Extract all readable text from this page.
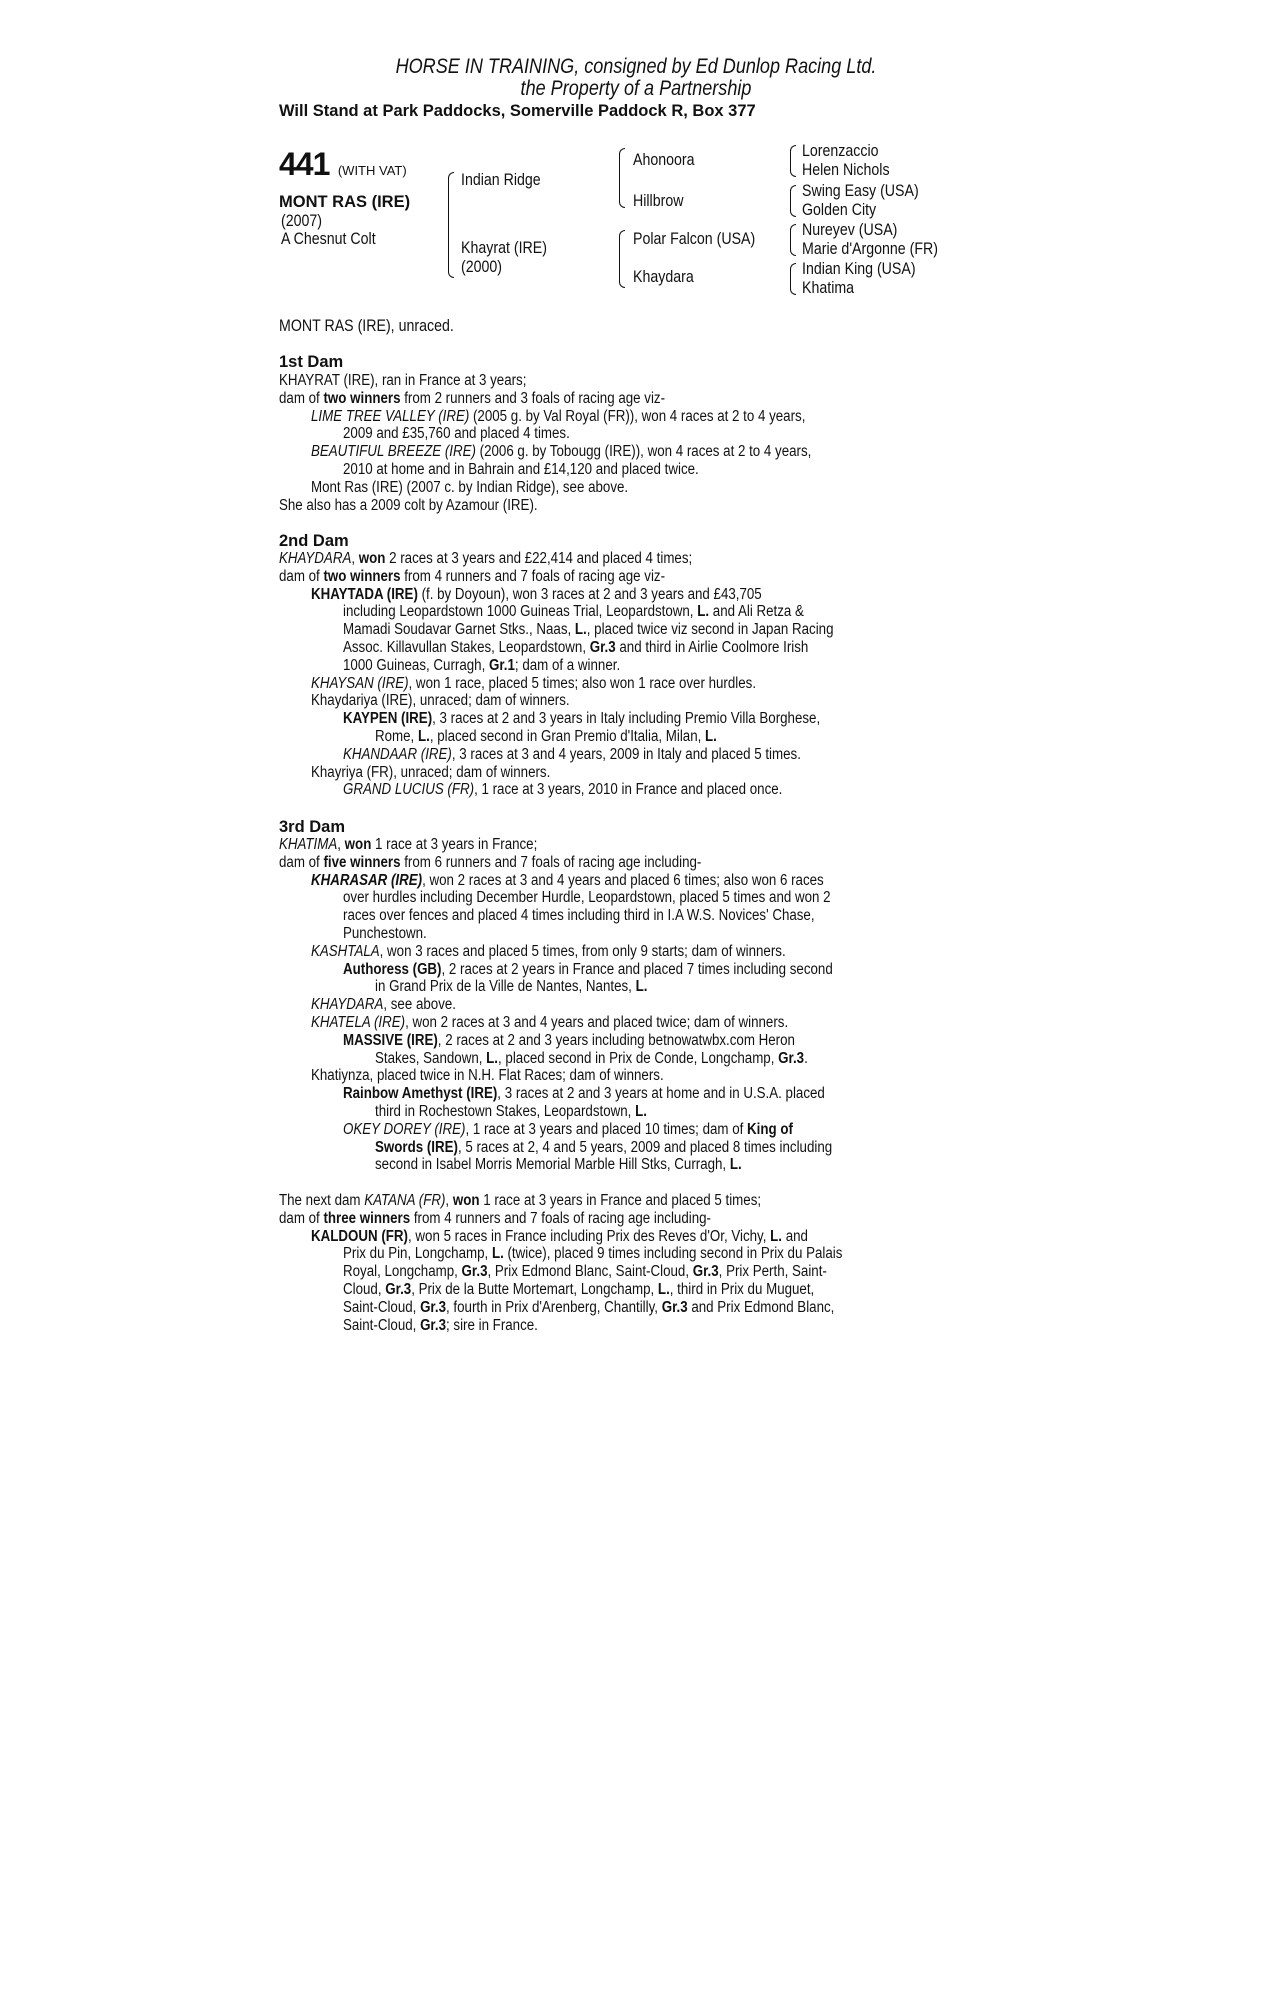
HORSE IN TRAINING, consigned by Ed Dunlop Racing Ltd.
the Property of a Partnership
Will Stand at Park Paddocks, Somerville Paddock R, Box 377
441 (WITH VAT)
MONT RAS (IRE)
(2007)
A Chesnut Colt
Indian Ridge
Khayrat (IRE)
(2000)
Ahonoora
Hillbrow
Polar Falcon (USA)
Khaydara
Lorenzaccio
Helen Nichols
Swing Easy (USA)
Golden City
Nureyev (USA)
Marie d'Argonne (FR)
Indian King (USA)
Khatima
MONT RAS (IRE), unraced.
1st Dam
KHAYRAT (IRE), ran in France at 3 years;
dam of two winners from 2 runners and 3 foals of racing age viz-
LIME TREE VALLEY (IRE) (2005 g. by Val Royal (FR)), won 4 races at 2 to 4 years,
2009 and £35,760 and placed 4 times.
BEAUTIFUL BREEZE (IRE) (2006 g. by Tobougg (IRE)), won 4 races at 2 to 4 years,
2010 at home and in Bahrain and £14,120 and placed twice.
Mont Ras (IRE) (2007 c. by Indian Ridge), see above.
She also has a 2009 colt by Azamour (IRE).
2nd Dam
KHAYDARA, won 2 races at 3 years and £22,414 and placed 4 times;
dam of two winners from 4 runners and 7 foals of racing age viz-
KHAYTADA (IRE) (f. by Doyoun), won 3 races at 2 and 3 years and £43,705
including Leopardstown 1000 Guineas Trial, Leopardstown, L. and Ali Retza &
Mamadi Soudavar Garnet Stks., Naas, L., placed twice viz second in Japan Racing
Assoc. Killavullan Stakes, Leopardstown, Gr.3 and third in Airlie Coolmore Irish
1000 Guineas, Curragh, Gr.1; dam of a winner.
KHAYSAN (IRE), won 1 race, placed 5 times; also won 1 race over hurdles.
Khaydariya (IRE), unraced; dam of winners.
KAYPEN (IRE), 3 races at 2 and 3 years in Italy including Premio Villa Borghese,
Rome, L., placed second in Gran Premio d'Italia, Milan, L.
KHANDAAR (IRE), 3 races at 3 and 4 years, 2009 in Italy and placed 5 times.
Khayriya (FR), unraced; dam of winners.
GRAND LUCIUS (FR), 1 race at 3 years, 2010 in France and placed once.
3rd Dam
KHATIMA, won 1 race at 3 years in France;
dam of five winners from 6 runners and 7 foals of racing age including-
KHARASAR (IRE), won 2 races at 3 and 4 years and placed 6 times; also won 6 races
over hurdles including December Hurdle, Leopardstown, placed 5 times and won 2
races over fences and placed 4 times including third in I.A W.S. Novices' Chase,
Punchestown.
KASHTALA, won 3 races and placed 5 times, from only 9 starts; dam of winners.
Authoress (GB), 2 races at 2 years in France and placed 7 times including second
in Grand Prix de la Ville de Nantes, Nantes, L.
KHAYDARA, see above.
KHATELA (IRE), won 2 races at 3 and 4 years and placed twice; dam of winners.
MASSIVE (IRE), 2 races at 2 and 3 years including betnowatwbx.com Heron
Stakes, Sandown, L., placed second in Prix de Conde, Longchamp, Gr.3.
Khatiynza, placed twice in N.H. Flat Races; dam of winners.
Rainbow Amethyst (IRE), 3 races at 2 and 3 years at home and in U.S.A. placed
third in Rochestown Stakes, Leopardstown, L.
OKEY DOREY (IRE), 1 race at 3 years and placed 10 times; dam of King of
Swords (IRE), 5 races at 2, 4 and 5 years, 2009 and placed 8 times including
second in Isabel Morris Memorial Marble Hill Stks, Curragh, L.
The next dam KATANA (FR), won 1 race at 3 years in France and placed 5 times;
dam of three winners from 4 runners and 7 foals of racing age including-
KALDOUN (FR), won 5 races in France including Prix des Reves d'Or, Vichy, L. and
Prix du Pin, Longchamp, L. (twice), placed 9 times including second in Prix du Palais
Royal, Longchamp, Gr.3, Prix Edmond Blanc, Saint-Cloud, Gr.3, Prix Perth, Saint-
Cloud, Gr.3, Prix de la Butte Mortemart, Longchamp, L., third in Prix du Muguet,
Saint-Cloud, Gr.3, fourth in Prix d'Arenberg, Chantilly, Gr.3 and Prix Edmond Blanc,
Saint-Cloud, Gr.3; sire in France.
